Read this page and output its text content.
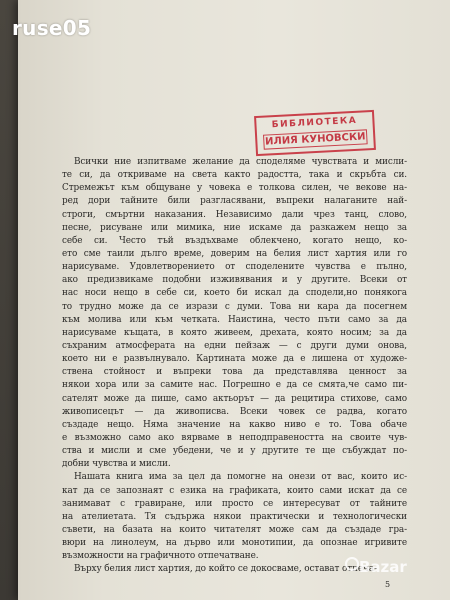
ruse05
БИБЛИОТЕКА
ИЛИЯ КУНОВСКИ
Всички ние изпитваме желание да споделяме чувствата и мисли-
те си, да откриваме на света както радостта, така и скръбта си.
Стремежът към общуване у човека е толкова силен, че векове на-
ред дори тайните били разгласявани, въпреки налаганите най-
строги, смъртни наказания. Независимо дали чрез танц, слово,
песне, рисуване или мимика, ние искаме да разкажем нещо за
себе си. Често тъй въздъхваме облекчено, когато нещо, ко-
ето сме таили дълго време, доверим на белия лист хартия или го
нарисуваме. Удовлетворението от споделените чувства е пълно,
ако предизвикаме подобни изживявания и у другите. Всеки от
нас носи нещо в себе си, което би искал да сподели,но понякога
то трудно може да се изрази с думи. Това ни кара да посегнем
към молива или към четката. Наистина, често пъти само за да
нарисуваме къщата, в която живеем, дрехата, която носим; за да
съхраним атмосферата на едни пейзаж — с други думи онова,
което ни е развълнувало. Картината може да е лишена от художе-
ствена стойност и въпреки това да представлява ценност за
някои хора или за самите нас. Погрешно е да се смята,че само пи-
сателят може да пише, само актьорът — да рецитира стихове, само
живописецът — да живописва. Всеки човек се радва, когато
създаде нещо. Няма значение на какво ниво е то. Това обаче
е възможно само ако вярваме в неподправеността на своите чув-
ства и мисли и сме убедени, че и у другите те ще събуждат по-
добни чувства и мисли.
Нашата книга има за цел да помогне на онези от вас, които ис-
кат да се запознаят с езика на графиката, които сами искат да се
занимават с гравиране, или просто се интересуват от тайните
на ателиетата. Тя съдържа някои практически и технологически
съвети, на базата на които читателят може сам да създаде гра-
вюри на линолеум, на дърво или монотипии, да опознае игривите
възможности на графичното отпечатване.
Върху белия лист хартия, до който се докосваме, остават отпеча-
5
Bazar
